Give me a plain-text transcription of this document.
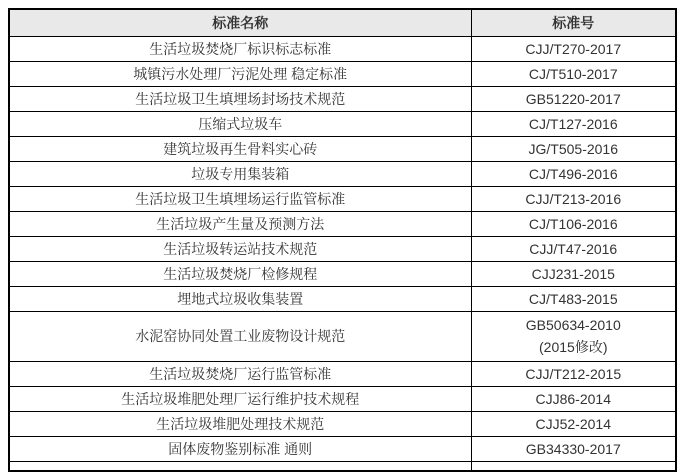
标准名称	标准号
生活垃圾焚烧厂标识标志标准	CJJ/T270-2017
城镇污水处理厂污泥处理 稳定标准	CJ/T510-2017
生活垃圾卫生填埋场封场技术规范	GB51220-2017
压缩式垃圾车	CJ/T127-2016
建筑垃圾再生骨料实心砖	JG/T505-2016
垃圾专用集装箱	CJ/T496-2016
生活垃圾卫生填埋场运行监管标准	CJJ/T213-2016
生活垃圾产生量及预测方法	CJ/T106-2016
生活垃圾转运站技术规范	CJJ/T47-2016
生活垃圾焚烧厂检修规程	CJJ231-2015
埋地式垃圾收集装置	CJ/T483-2015
水泥窑协同处置工业废物设计规范	GB50634-2010
(2015修改)

生活垃圾焚烧厂运行监管标准	CJJ/T212-2015
生活垃圾堆肥处理厂运行维护技术规程	CJJ86-2014
生活垃圾堆肥处理技术规范	CJJ52-2014
固体废物鉴别标准 通则	GB34330-2017
